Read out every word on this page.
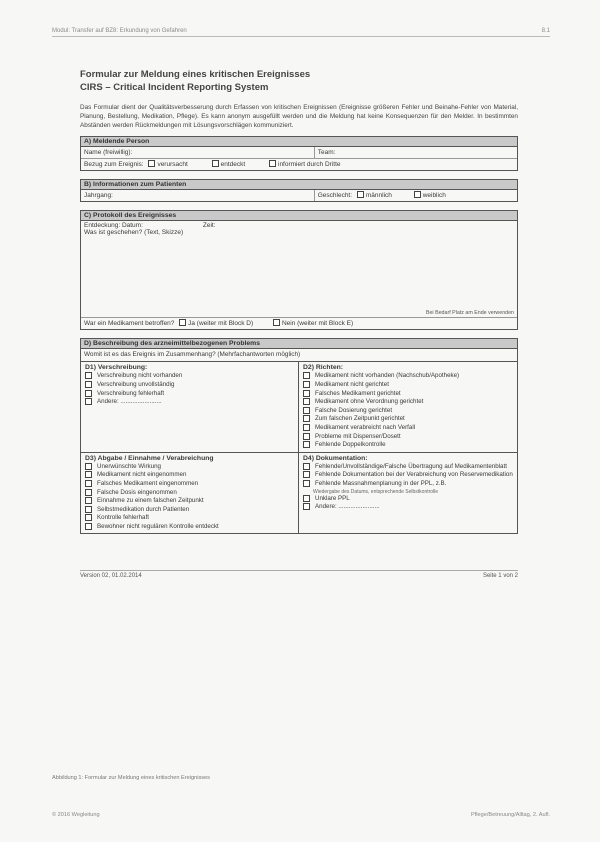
Modul: Transfer auf BZ8: Erkundung von Gefahren	8.1

Formular zur Meldung eines kritischen Ereignisses

CIRS – Critical Incident Reporting System

Das Formular dient der Qualitätsverbesserung durch Erfassen von kritischen Ereignissen (Ereignisse größeren Fehler und Beinahe-Fehler von Material, Planung, Bestellung, Medikation, Pflege). Es kann anonym ausgefüllt werden und die Meldung hat keine Konsequenzen für den Melder. In bestimmten Abständen werden Rückmeldungen mit Lösungsvorschlägen kommuniziert.

A) Meldende Person
Name (freiwillig):	Team:
Bezug zum Ereignis: verursacht	entdeckt	informiert durch Dritte
B) Informationen zum Patienten
Jahrgang:	Geschlecht: männlich	weiblich
C) Protokoll des Ereignisses
Entdeckung: Datum:	Zeit:
Was ist geschehen? (Text, Skizze)
Bei Bedarf Platz am Ende verwenden
War ein Medikament betroffen? Ja (weiter mit Block D)	Nein (weiter mit Block E)
D) Beschreibung des arzneimittelbezogenen Problems
Womit ist es das Ereignis im Zusammenhang? (Mehrfachantworten möglich)
D1) Verschreibung:
Verschreibung nicht vorhanden
Verschreibung unvollständig
Verschreibung fehlerhaft
Andere: ........................
D2) Richten:
Medikament nicht vorhanden (Nachschub/Apotheke)
Medikament nicht gerichtet
Falsches Medikament gerichtet
Medikament ohne Verordnung gerichtet
Falsche Dosierung gerichtet
Zum falschen Zeitpunkt gerichtet
Medikament verabreicht nach Verfall
Probleme mit Dispenser/Dosett
Fehlende Doppelkontrolle
D3) Abgabe / Einnahme / Verabreichung
Unerwünschte Wirkung
Medikament nicht eingenommen
Falsches Medikament eingenommen
Falsche Dosis eingenommen
Einnahme zu einem falschen Zeitpunkt
Selbstmedikation durch Patienten
Kontrolle fehlerhaft
Bewohner nicht regulären Kontrolle entdeckt
D4) Dokumentation:
Fehlende/Unvollständige/Falsche Übertragung auf Medikamentenblatt
Fehlende Dokumentation bei der Verabreichung von Reservemedikation
Fehlende Massnahmenplanung in der PPL, z.B.
Wiedergabe des Datums, entsprechende Selbstkontrolle
Unklare PPL
Andere: ........................
Version 02, 01.02.2014	Seite 1 von 2
Abbildung 1: Formular zur Meldung eines kritischen Ereignisses
© 2016 Wegleitung	Pflege/Betreuung/Alltag, 2. Aufl.
